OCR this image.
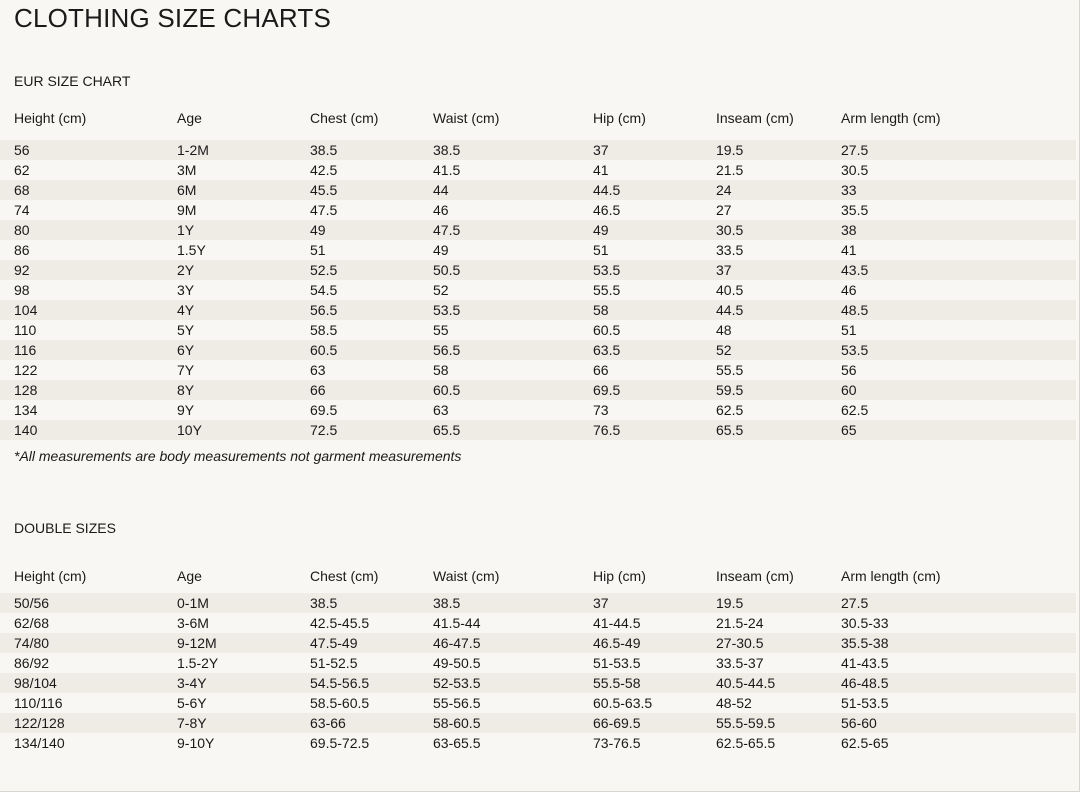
CLOTHING SIZE CHARTS
EUR SIZE CHART
Height (cm)	Age	Chest (cm)	Waist (cm)	Hip (cm)	Inseam (cm)	Arm length (cm)
56	1-2M	38.5	38.5	37	19.5	27.5
62	3M	42.5	41.5	41	21.5	30.5
68	6M	45.5	44	44.5	24	33
74	9M	47.5	46	46.5	27	35.5
80	1Y	49	47.5	49	30.5	38
86	1.5Y	51	49	51	33.5	41
92	2Y	52.5	50.5	53.5	37	43.5
98	3Y	54.5	52	55.5	40.5	46
104	4Y	56.5	53.5	58	44.5	48.5
110	5Y	58.5	55	60.5	48	51
116	6Y	60.5	56.5	63.5	52	53.5
122	7Y	63	58	66	55.5	56
128	8Y	66	60.5	69.5	59.5	60
134	9Y	69.5	63	73	62.5	62.5
140	10Y	72.5	65.5	76.5	65.5	65
DOUBLE SIZES
Height (cm)	Age	Chest (cm)	Waist (cm)	Hip (cm)	Inseam (cm)	Arm length (cm)
50/56	0-1M	38.5	38.5	37	19.5	27.5
62/68	3-6M	42.5-45.5	41.5-44	41-44.5	21.5-24	30.5-33
74/80	9-12M	47.5-49	46-47.5	46.5-49	27-30.5	35.5-38
86/92	1.5-2Y	51-52.5	49-50.5	51-53.5	33.5-37	41-43.5
98/104	3-4Y	54.5-56.5	52-53.5	55.5-58	40.5-44.5	46-48.5
110/116	5-6Y	58.5-60.5	55-56.5	60.5-63.5	48-52	51-53.5
122/128	7-8Y	63-66	58-60.5	66-69.5	55.5-59.5	56-60
134/140	9-10Y	69.5-72.5	63-65.5	73-76.5	62.5-65.5	62.5-65
*All measurements are body measurements not garment measurements
